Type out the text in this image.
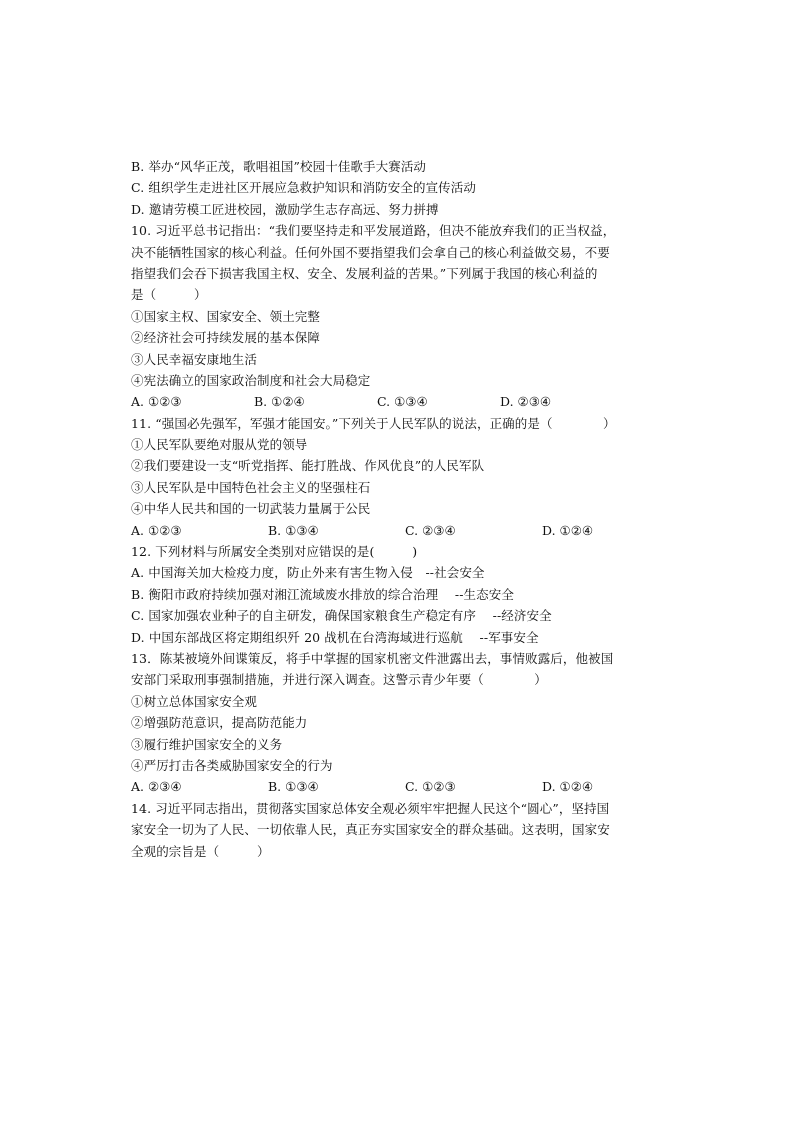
B. 举办“风华正茂，歌唱祖国”校园十佳歌手大赛活动
C. 组织学生走进社区开展应急救护知识和消防安全的宣传活动
D. 邀请劳模工匠进校园，激励学生志存高远、努力拼搏
10. 习近平总书记指出：“我们要坚持走和平发展道路，但决不能放弃我们的正当权益，
决不能牺牲国家的核心利益。任何外国不要指望我们会拿自己的核心利益做交易，不要
指望我们会吞下损害我国主权、安全、发展利益的苦果。”下列属于我国的核心利益的
是（　　　）
①国家主权、国家安全、领土完整
②经济社会可持续发展的基本保障
③人民幸福安康地生活
④宪法确立的国家政治制度和社会大局稳定
A. ①②③	B. ①②④	C. ①③④	D. ②③④
11. “强国必先强军，军强才能国安。”下列关于人民军队的说法，正确的是（　　　　）
①人民军队要绝对服从党的领导
②我们要建设一支“听党指挥、能打胜战、作风优良”的人民军队
③人民军队是中国特色社会主义的坚强柱石
④中华人民共和国的一切武装力量属于公民
A. ①②③	B. ①③④	C. ②③④	D. ①②④
12. 下列材料与所属安全类别对应错误的是(　　　)
A. 中国海关加大检疫力度，防止外来有害生物入侵　--社会安全
B. 衡阳市政府持续加强对湘江流域废水排放的综合治理　 --生态安全
C. 国家加强农业种子的自主研发，确保国家粮食生产稳定有序　 --经济安全
D. 中国东部战区将定期组织歼 20 战机在台湾海域进行巡航　 --军事安全
13．陈某被境外间谍策反，将手中掌握的国家机密文件泄露出去，事情败露后，他被国
安部门采取刑事强制措施，并进行深入调查。这警示青少年要（　　　　）
①树立总体国家安全观
②增强防范意识，提高防范能力
③履行维护国家安全的义务
④严厉打击各类威胁国家安全的行为
A. ②③④	B. ①③④	C. ①②③	D. ①②④
14. 习近平同志指出，贯彻落实国家总体安全观必须牢牢把握人民这个“圆心”，坚持国
家安全一切为了人民、一切依靠人民，真正夯实国家安全的群众基础。这表明，国家安
全观的宗旨是（　　　）
